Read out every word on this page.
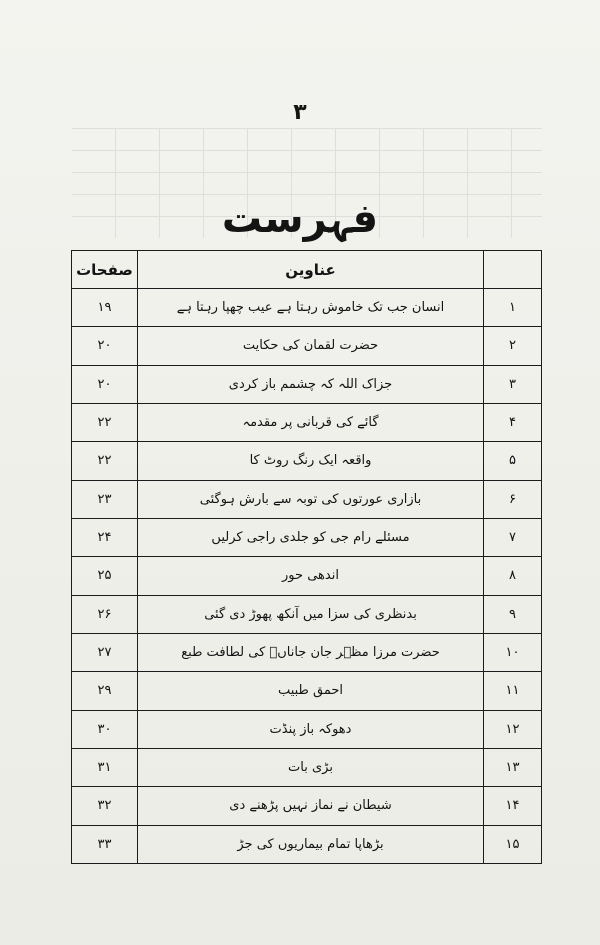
۳
فہرست
	عناوین	صفحات
۱	انسان جب تک خاموش رہتا ہے عیب چھپا رہتا ہے	۱۹
۲	حضرت لقمان کی حکایت	۲۰
۳	جزاک اللہ کہ چشمم باز کردی	۲۰
۴	گائے کی قربانی پر مقدمہ	۲۲
۵	واقعہ ایک رنگ روٹ کا	۲۲
۶	بازاری عورتوں کی توبہ سے بارش ہوگئی	۲۳
۷	مسئلے رام جی کو جلدی راجی کرلیں	۲۴
۸	اندھی حور	۲۵
۹	بدنظری کی سزا میں آنکھ پھوڑ دی گئی	۲۶
۱۰	حضرت مرزا مظہر جان جاناںؒ کی لطافت طبع	۲۷
۱۱	احمق طبیب	۲۹
۱۲	دھوکہ باز پنڈت	۳۰
۱۳	بڑی بات	۳۱
۱۴	شیطان نے نماز نہیں پڑھنے دی	۳۲
۱۵	بڑھاپا تمام بیماریوں کی جڑ	۳۳
